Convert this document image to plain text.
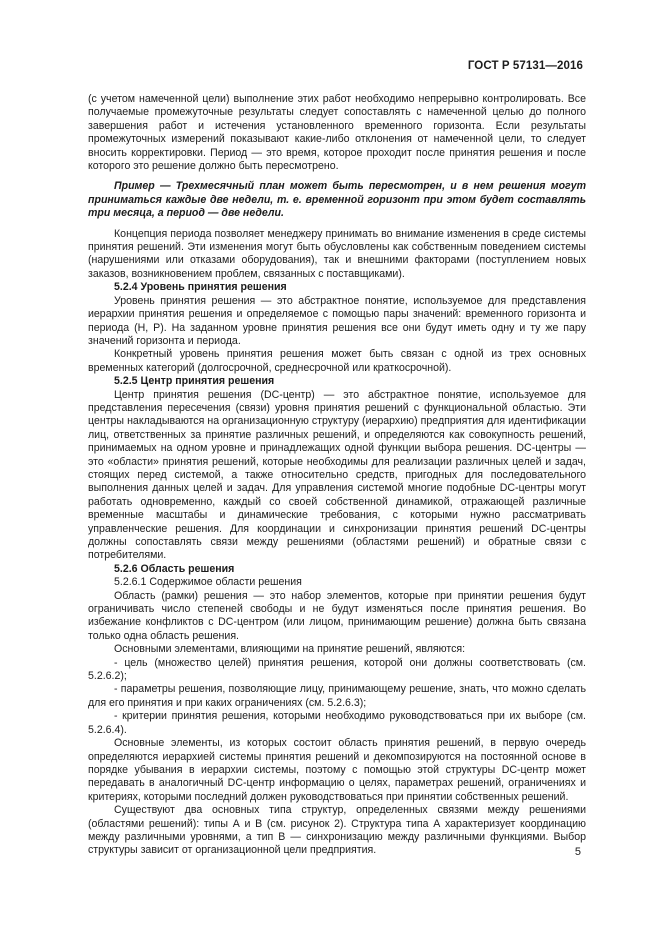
ГОСТ Р 57131—2016

(с учетом намеченной цели) выполнение этих работ необходимо непрерывно контролировать. Все получаемые промежуточные результаты следует сопоставлять с намеченной целью до полного завершения работ и истечения установленного временного горизонта. Если результаты промежуточных измерений показывают какие-либо отклонения от намеченной цели, то следует вносить корректировки. Период — это время, которое проходит после принятия решения и после которого это решение должно быть пересмотрено.

Пример — Трехмесячный план может быть пересмотрен, и в нем решения могут приниматься каждые две недели, т. е. временной горизонт при этом будет составлять три месяца, а период — две недели.

Концепция периода позволяет менеджеру принимать во внимание изменения в среде системы принятия решений. Эти изменения могут быть обусловлены как собственным поведением системы (нарушениями или отказами оборудования), так и внешними факторами (поступлением новых заказов, возникновением проблем, связанных с поставщиками).

5.2.4 Уровень принятия решения

Уровень принятия решения — это абстрактное понятие, используемое для представления иерархии принятия решения и определяемое с помощью пары значений: временного горизонта и периода (H, P). На заданном уровне принятия решения все они будут иметь одну и ту же пару значений горизонта и периода.

Конкретный уровень принятия решения может быть связан с одной из трех основных временных категорий (долгосрочной, среднесрочной или краткосрочной).

5.2.5 Центр принятия решения

Центр принятия решения (DC-центр) — это абстрактное понятие, используемое для представления пересечения (связи) уровня принятия решений с функциональной областью. Эти центры накладываются на организационную структуру (иерархию) предприятия для идентификации лиц, ответственных за принятие различных решений, и определяются как совокупность решений, принимаемых на одном уровне и принадлежащих одной функции выбора решения. DC-центры — это «области» принятия решений, которые необходимы для реализации различных целей и задач, стоящих перед системой, а также относительно средств, пригодных для последовательного выполнения данных целей и задач. Для управления системой многие подобные DC-центры могут работать одновременно, каждый со своей собственной динамикой, отражающей различные временные масштабы и динамические требования, с которыми нужно рассматривать управленческие решения. Для координации и синхронизации принятия решений DC-центры должны сопоставлять связи между решениями (областями решений) и обратные связи с потребителями.

5.2.6 Область решения

5.2.6.1 Содержимое области решения

Область (рамки) решения — это набор элементов, которые при принятии решения будут ограничивать число степеней свободы и не будут изменяться после принятия решения. Во избежание конфликтов с DC-центром (или лицом, принимающим решение) должна быть связана только одна область решения.

Основными элементами, влияющими на принятие решений, являются:

- цель (множество целей) принятия решения, которой они должны соответствовать (см. 5.2.6.2);

- параметры решения, позволяющие лицу, принимающему решение, знать, что можно сделать для его принятия и при каких ограничениях (см. 5.2.6.3);

- критерии принятия решения, которыми необходимо руководствоваться при их выборе (см. 5.2.6.4).

Основные элементы, из которых состоит область принятия решений, в первую очередь определяются иерархией системы принятия решений и декомпозируются на постоянной основе в порядке убывания в иерархии системы, поэтому с помощью этой структуры DC-центр может передавать в аналогичный DC-центр информацию о целях, параметрах решений, ограничениях и критериях, которыми последний должен руководствоваться при принятии собственных решений.

Существуют два основных типа структур, определенных связями между решениями (областями решений): типы А и В (см. рисунок 2). Структура типа А характеризует координацию между различными уровнями, а тип В — синхронизацию между различными функциями. Выбор структуры зависит от организационной цели предприятия.	5
